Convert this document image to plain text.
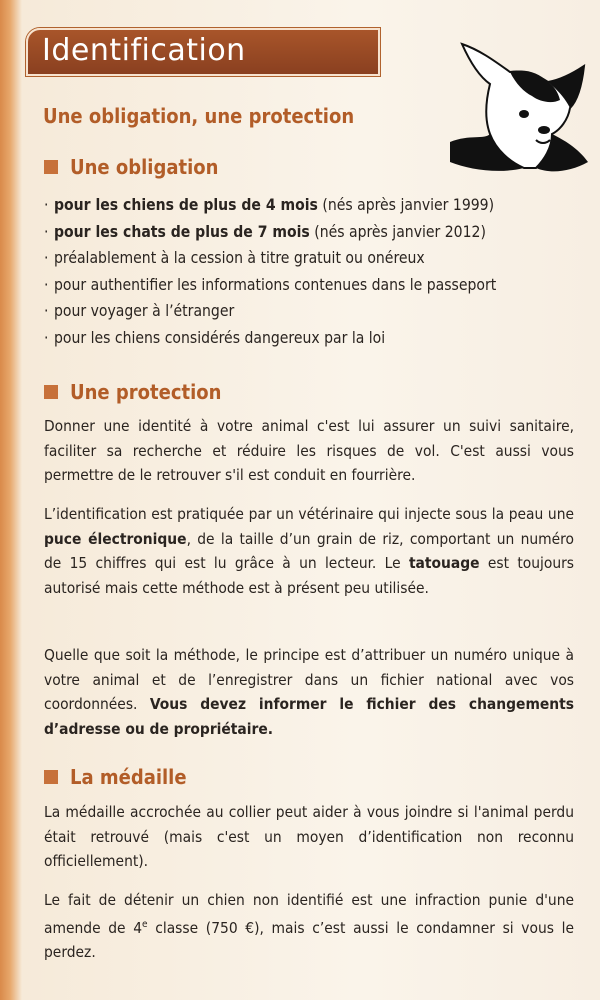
Identification
Une obligation, une protection
Une obligation
· pour les chiens de plus de 4 mois (nés après janvier 1999)
· pour les chats de plus de 7 mois (nés après janvier 2012)
· préalablement à la cession à titre gratuit ou onéreux
· pour authentifier les informations contenues dans le passeport
· pour voyager à l’étranger
· pour les chiens considérés dangereux par la loi
Une protection

Donner une identité à votre animal c'est lui assurer un suivi sanitaire, faciliter sa recherche et réduire les risques de vol. C'est aussi vous permettre de le retrouver s'il est conduit en fourrière.

L’identification est pratiquée par un vétérinaire qui injecte sous la peau une puce électronique, de la taille d’un grain de riz, comportant un numéro de 15 chiffres qui est lu grâce à un lecteur. Le tatouage est toujours autorisé mais cette méthode est à présent peu utilisée.

Quelle que soit la méthode, le principe est d’attribuer un numéro unique à votre animal et de l’enregistrer dans un fichier national avec vos coordonnées. Vous devez informer le fichier des changements d’adresse ou de propriétaire.

La médaille

La médaille accrochée au collier peut aider à vous joindre si l'animal perdu était retrouvé (mais c'est un moyen d’identification non reconnu officiellement).

Le fait de détenir un chien non identifié est une infraction punie d'une amende de 4e classe (750 €), mais c’est aussi le condamner si vous le perdez.
